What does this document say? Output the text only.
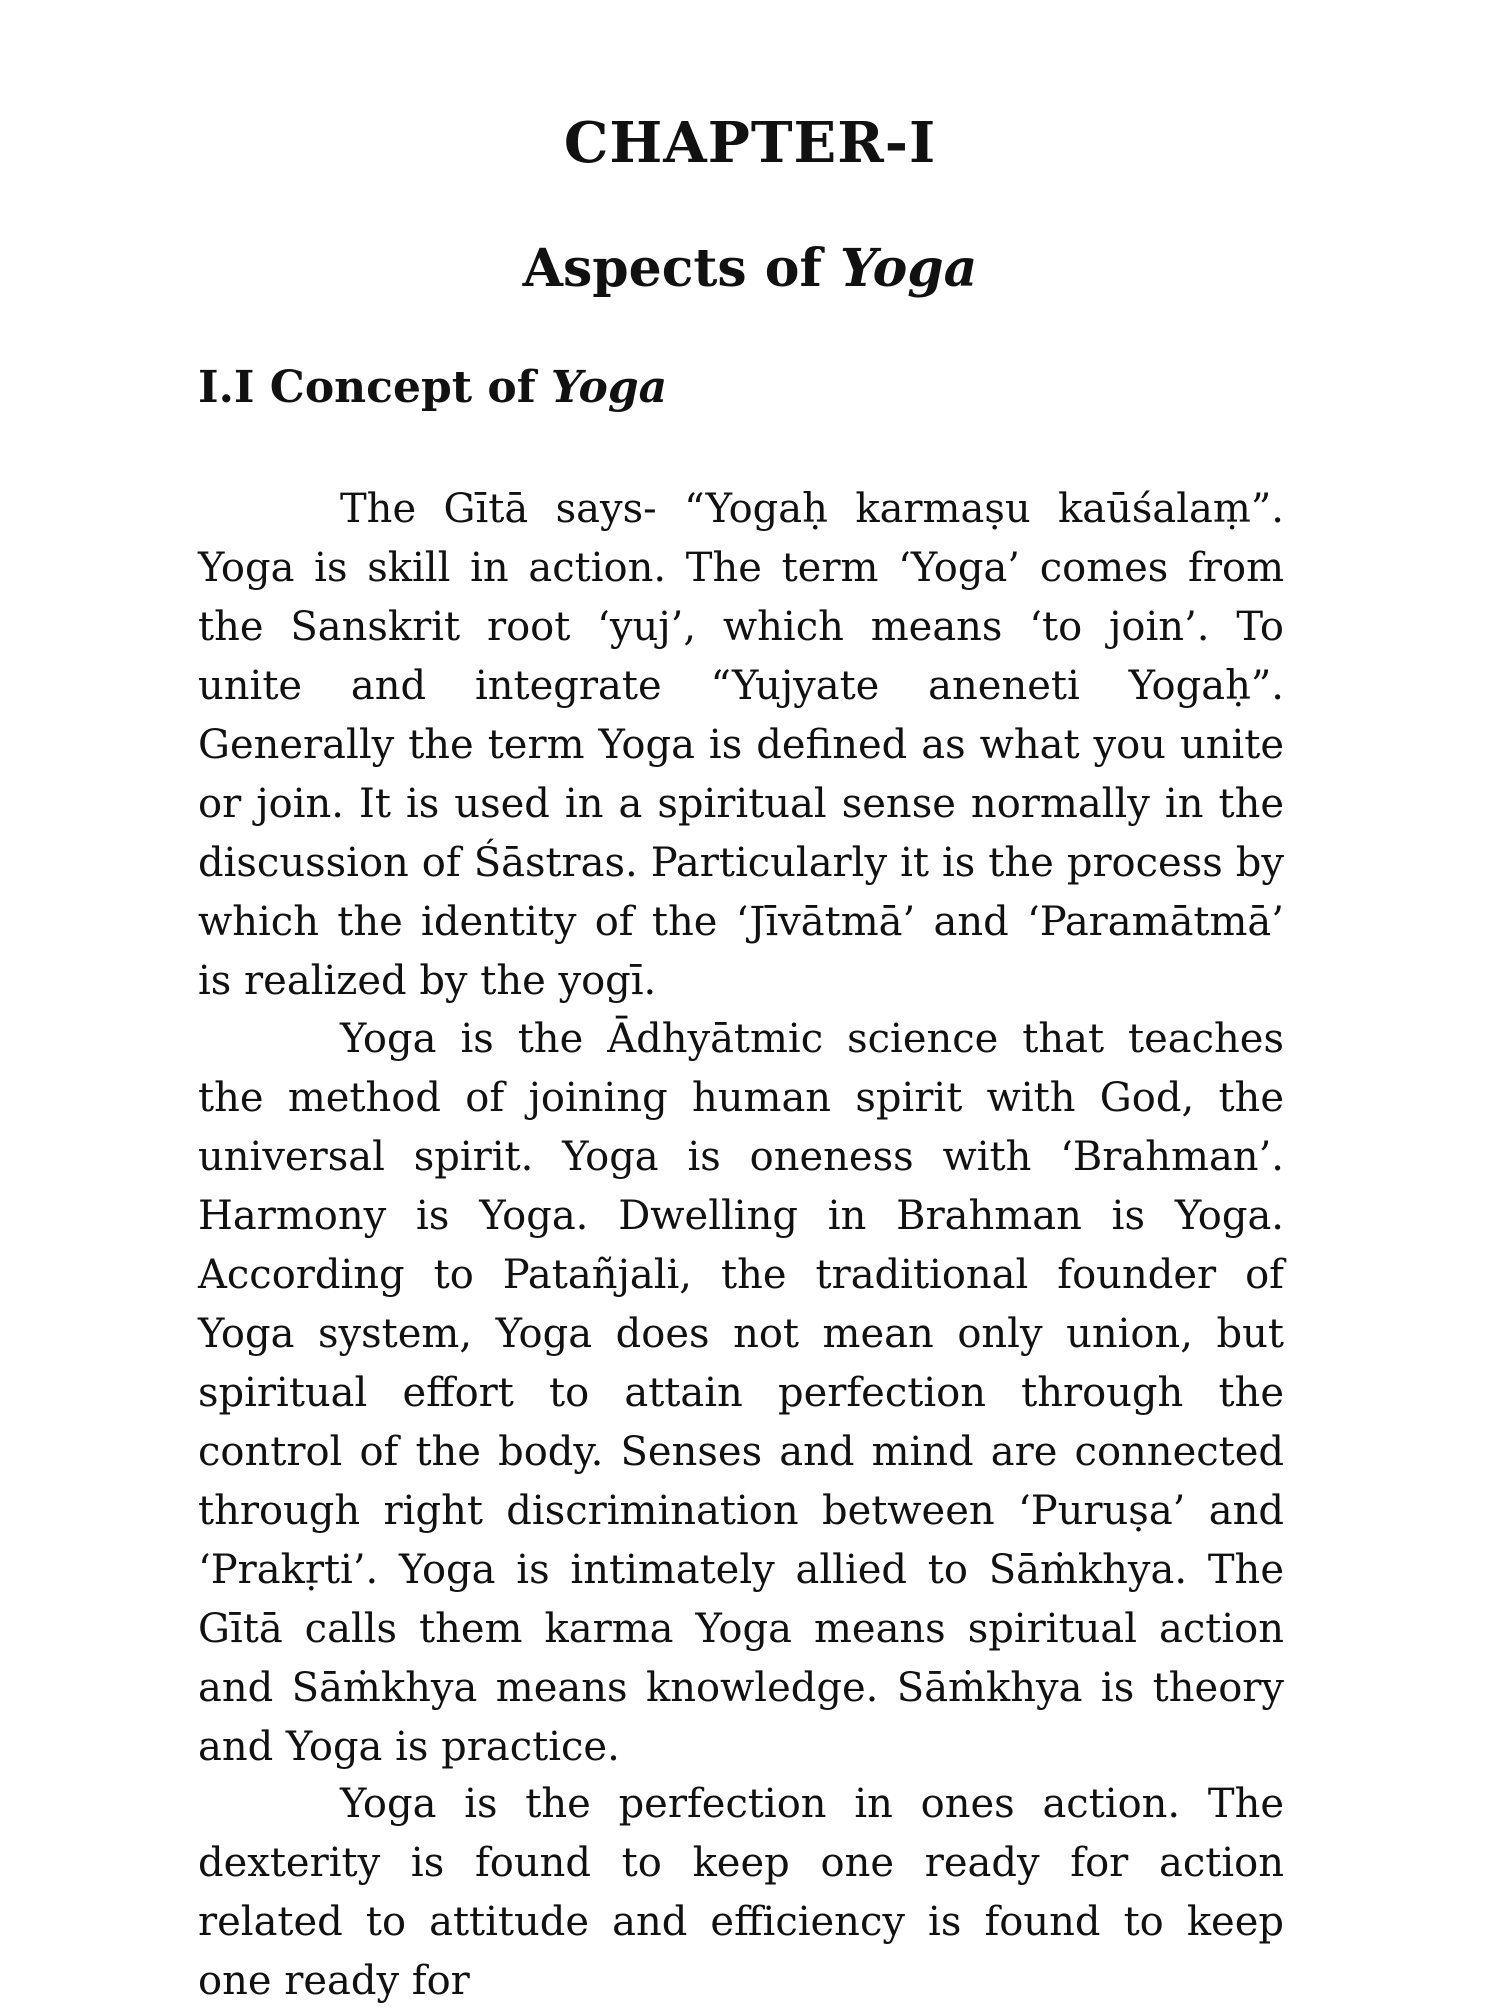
CHAPTER-I
Aspects of Yoga
I.I Concept of Yoga

The Gītā says- “Yogaḥ karmaṣu kaūśalaṃ”. Yoga is skill in action. The term ‘Yoga’ comes from the Sanskrit root ‘yuj’, which means ‘to join’. To unite and integrate “Yujyate aneneti Yogaḥ”. Generally the term Yoga is defined as what you unite or join. It is used in a spiritual sense normally in the discussion of Śāstras. Particularly it is the process by which the identity of the ‘Jīvātmā’ and ‘Paramātmā’ is realized by the yogī.

Yoga is the Ādhyātmic science that teaches the method of joining human spirit with God, the universal spirit. Yoga is oneness with ‘Brahman’. Harmony is Yoga. Dwelling in Brahman is Yoga. According to Patañjali, the traditional founder of Yoga system, Yoga does not mean only union, but spiritual effort to attain perfection through the control of the body. Senses and mind are connected through right discrimination between ‘Puruṣa’ and ‘Prakṛti’. Yoga is intimately allied to Sāṁkhya. The Gītā calls them karma Yoga means spiritual action and Sāṁkhya means knowledge. Sāṁkhya is theory and Yoga is practice.

Yoga is the perfection in ones action. The dexterity is found to keep one ready for action related to attitude and efficiency is found to keep one ready for
